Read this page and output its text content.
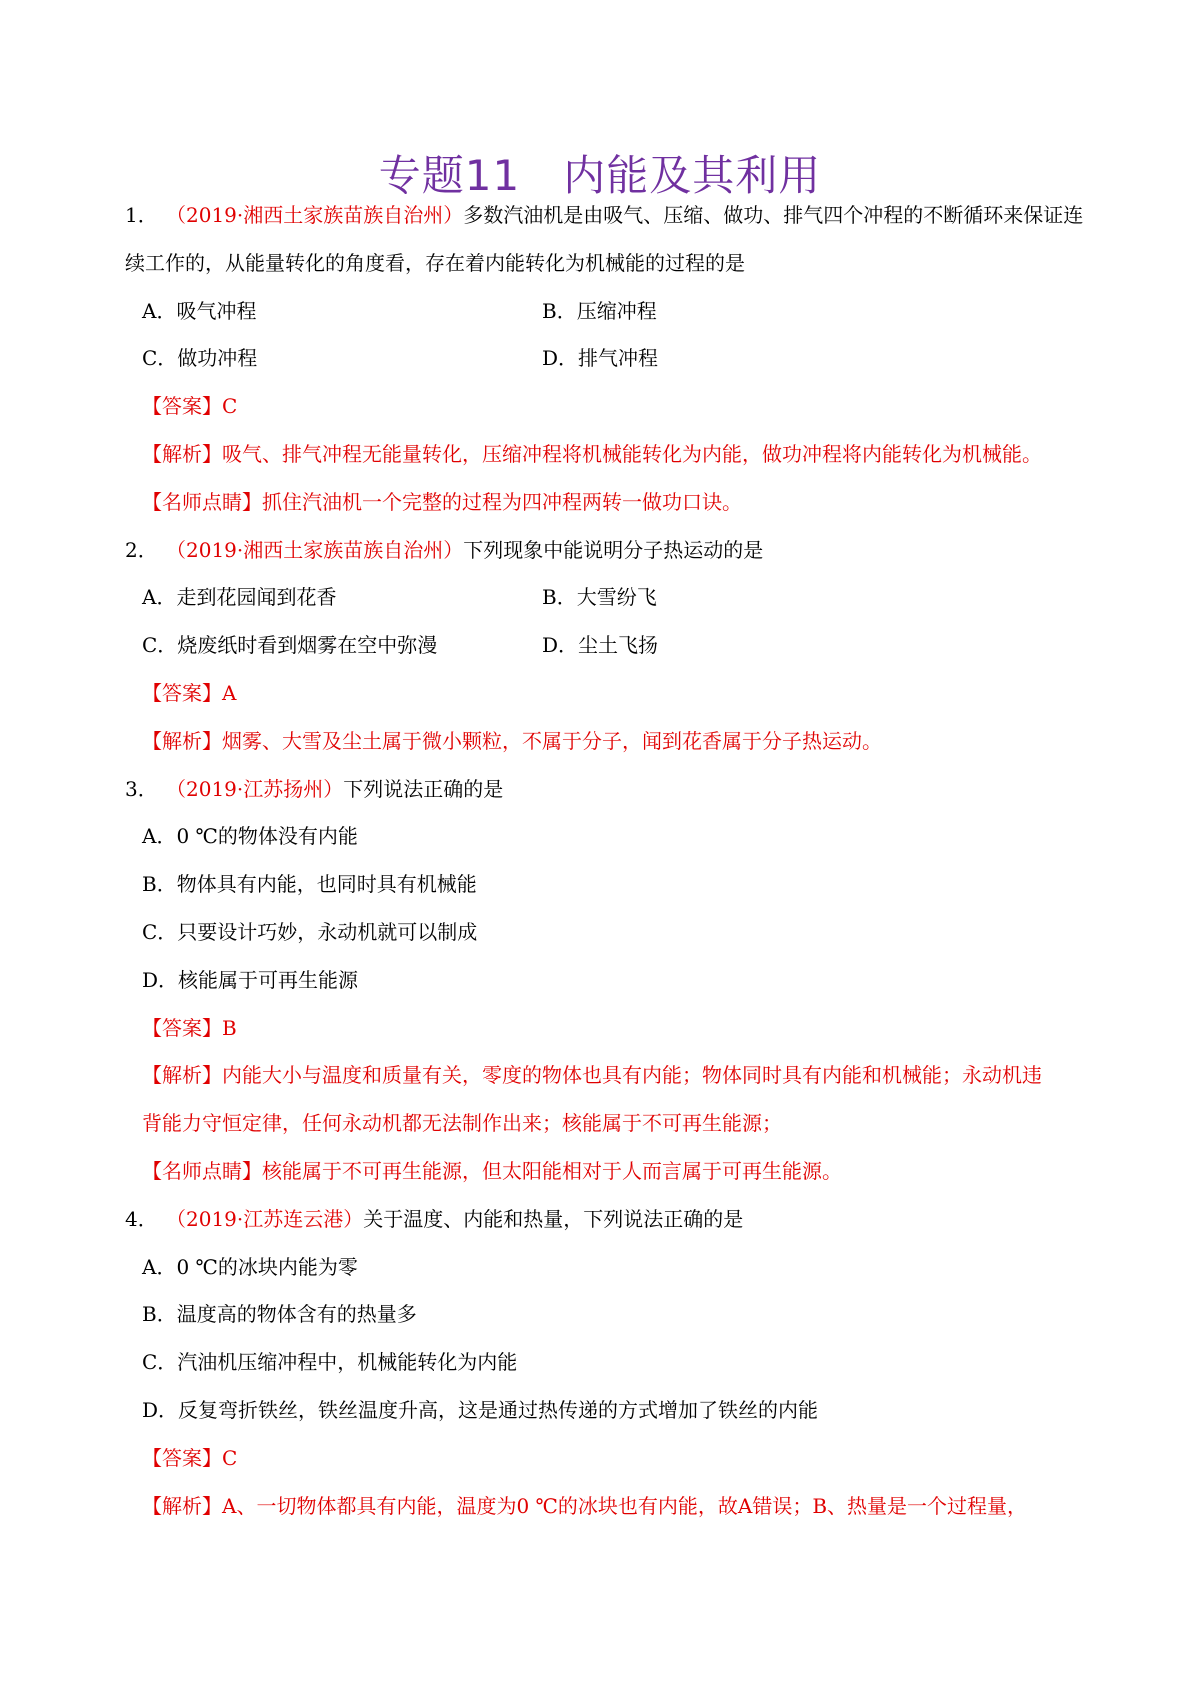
专题11　内能及其利用
1． （2019·湘西土家族苗族自治州）多数汽油机是由吸气、压缩、做功、排气四个冲程的不断循环来保证连
续工作的，从能量转化的角度看，存在着内能转化为机械能的过程的是
A．吸气冲程	B．压缩冲程
C．做功冲程	D．排气冲程
【答案】C
【解析】吸气、排气冲程无能量转化，压缩冲程将机械能转化为内能，做功冲程将内能转化为机械能。
【名师点睛】抓住汽油机一个完整的过程为四冲程两转一做功口诀。
2． （2019·湘西土家族苗族自治州）下列现象中能说明分子热运动的是
A．走到花园闻到花香	B．大雪纷飞
C．烧废纸时看到烟雾在空中弥漫	D．尘土飞扬
【答案】A
【解析】烟雾、大雪及尘土属于微小颗粒，不属于分子，闻到花香属于分子热运动。
3． （2019·江苏扬州）下列说法正确的是
A．0 ℃的物体没有内能
B．物体具有内能，也同时具有机械能
C．只要设计巧妙，永动机就可以制成
D．核能属于可再生能源
【答案】B
【解析】内能大小与温度和质量有关，零度的物体也具有内能；物体同时具有内能和机械能；永动机违
背能力守恒定律，任何永动机都无法制作出来；核能属于不可再生能源；
【名师点睛】核能属于不可再生能源，但太阳能相对于人而言属于可再生能源。
4． （2019·江苏连云港）关于温度、内能和热量，下列说法正确的是
A．0 ℃的冰块内能为零
B．温度高的物体含有的热量多
C．汽油机压缩冲程中，机械能转化为内能
D．反复弯折铁丝，铁丝温度升高，这是通过热传递的方式增加了铁丝的内能
【答案】C
【解析】A、一切物体都具有内能，温度为0 ℃的冰块也有内能，故A错误；B、热量是一个过程量，
